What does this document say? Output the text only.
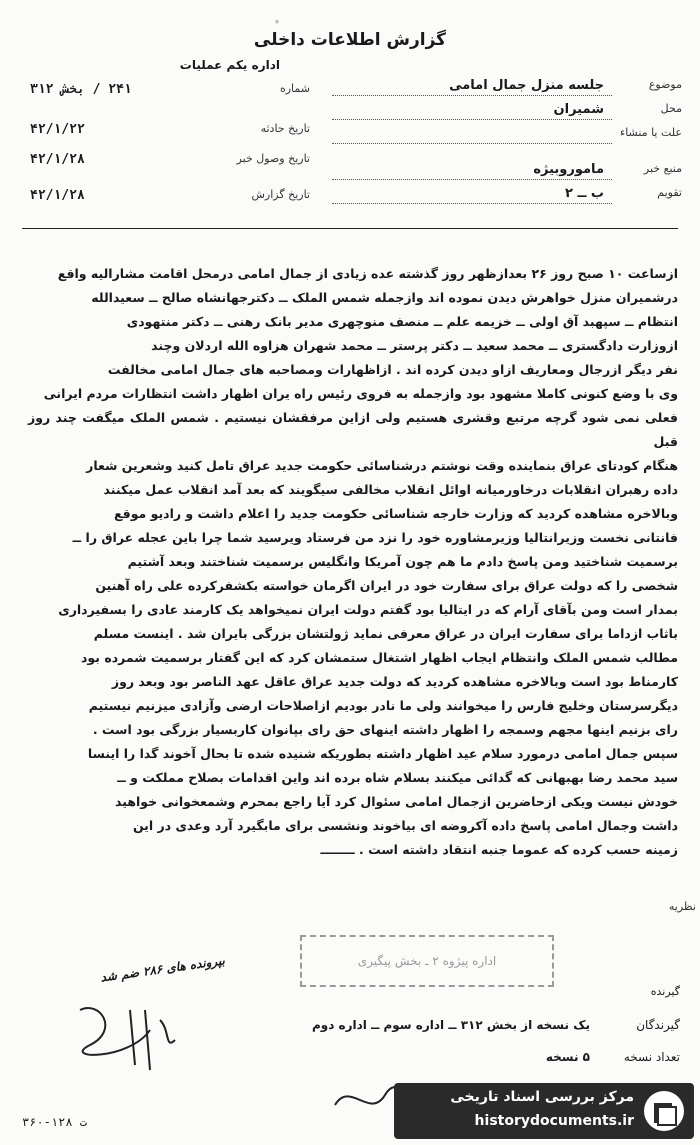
۰
گزارش اطلاعات داخلی
اداره یکم عملیات
شماره
۲۴۱ / بخش ۳۱۲
تاریخ حادثه
۴۲/۱/۲۲
تاریخ وصول خبر
۴۲/۱/۲۸
تاریخ گزارش
۴۲/۱/۲۸
موضوع
جلسه منزل جمال امامی
محل
شمیران
علت یا منشاء
منبع خبر
ماموروبیژه
تقویم
ب ــ ۲

ازساعت ۱۰ صبح روز ۲۶ بعدازظهر روز گذشته عده زیادی از جمال امامی درمحل اقامت مشارالیه واقع

درشمیران منزل خواهرش دیدن نموده اند وازجمله شمس الملک ــ دکترجهانشاه صالح ــ سعیدالله

انتظام ــ سپهبد آق اولی ــ خزیمه علم ــ منصف منوچهری مدیر بانک رهنی ــ دکتر منتهودی

ازوزارت دادگستری ــ محمد سعید ــ دکتر پرستر ــ محمد شهران هزاوه الله اردلان وچند

نفر دیگر ازرجال ومعاریف ازاو دیدن کرده اند . ازاظهارات ومصاحبه های جمال امامی مخالفت

وی با وضع کنونی کاملا مشهود بود وازجمله به فروی رئیس راه یران اظهار داشت انتظارات مردم ایرانی

فعلی نمی شود گرچه مرتبع وقشری هستیم ولی ازاین مرفقشان نیستیم . شمس الملک میگفت چند روز قبل

هنگام کودتای عراق بنماینده وقت نوشتم درشناسائی حکومت جدید عراق تامل کنید وشعرین شعار

داده رهبران انقلابات درخاورمیانه اوائل انقلاب مخالفی سیگویند که بعد آمد انقلاب عمل میکنند

وبالاخره مشاهده کردید که وزارت خارجه شناسائی حکومت جدید را اعلام داشت و رادیو موقع

فانتانی نخست وزیرانتالیا وزیرمشاوره خود را نزد من فرستاد ویرسید شما چرا باین عجله عراق را ــ

برسمیت شناختید ومن پاسخ دادم ما هم چون آمریکا وانگلیس برسمیت شناختند وبعد آشتیم

شخصی را که دولت عراق برای سفارت خود در ایران اگرمان خواسته بکشفرکرده علی راه آهنین

بمدار است ومن بآقای آرام که در ایتالیا بود گفتم دولت ایران نمیخواهد یک کارمند عادی را بسفیرداری

باثاب ازداما برای سفارت ایران در عراق معرفی نماید ژولتشان بزرگی بایران شد . اینست مسلم

مطالب شمس الملک وانتظام ایجاب اظهار اشتغال ستمشان کرد که این گفتار برسمیت شمرده بود

کارمناط بود است وبالاخره مشاهده کردید که دولت جدید عراق عاقل عهد الناصر بود وبعد روز

دیگرسرستان وخلیج فارس را میخوانند ولی ما نادر بودیم ازاصلاحات ارضی وآزادی میزنیم نیستیم

رای بزنیم اینها مجهم وسمجه را اظهار داشته اینهای حق رای بپانوان کاربسیار بزرگی بود است .

سپس جمال امامی درمورد سلام عید اظهار داشته بطوریکه شنیده شده تا بحال آخوند گدا را اینسا

سید محمد رضا بهبهانی که گدائی میکنند بسلام شاه برده اند واین اقدامات بصلاح مملکت و ــ

خودش نیست ویکی ازحاضرین ازجمال امامی سئوال کرد آیا راجع بمحرم وشمعخوانی خواهید

داشت وجمال امامی پاسخ داده آکروضه ای بیاخوند ونشسی برای مابگیرد آرد وعدی در این

زمینه حسب کرده که عموما جنبه انتقاد داشته است . ــــــــ

نظریه
اداره پیژوه ۲ ـ بخش پیگیری
بپرونده های ۲۸۶ ضم شد
گیرندگان
یک نسخه از بخش ۳۱۲ ــ اداره سوم ــ اداره دوم
تعداد نسخه
۵ نسخه
گیرنده
۳۶۰-۱۲۸ ت
مرکز بررسی اسناد تاریخی
historydocuments.ir
